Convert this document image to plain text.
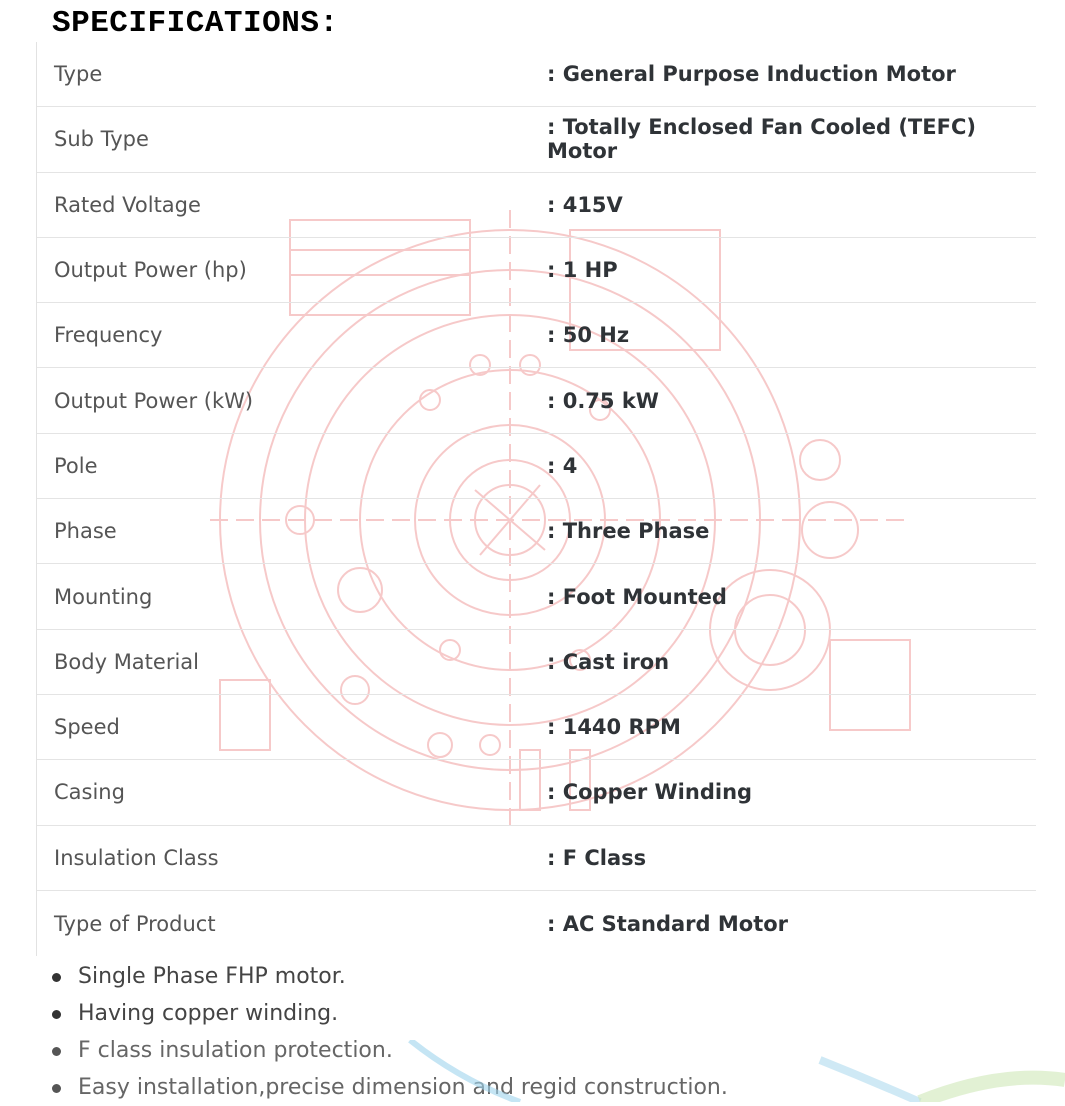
SPECIFICATIONS:
Type	: General Purpose Induction Motor
Sub Type	: Totally Enclosed Fan Cooled (TEFC) Motor
Rated Voltage	: 415V
Output Power (hp)	: 1 HP
Frequency	: 50 Hz
Output Power (kW)	: 0.75 kW
Pole	: 4
Phase	: Three Phase
Mounting	: Foot Mounted
Body Material	: Cast iron
Speed	: 1440 RPM
Casing	: Copper Winding
Insulation Class	: F Class
Type of Product	: AC Standard Motor
Single Phase FHP motor.
Having copper winding.
F class insulation protection.
Easy installation,precise dimension and regid construction.
